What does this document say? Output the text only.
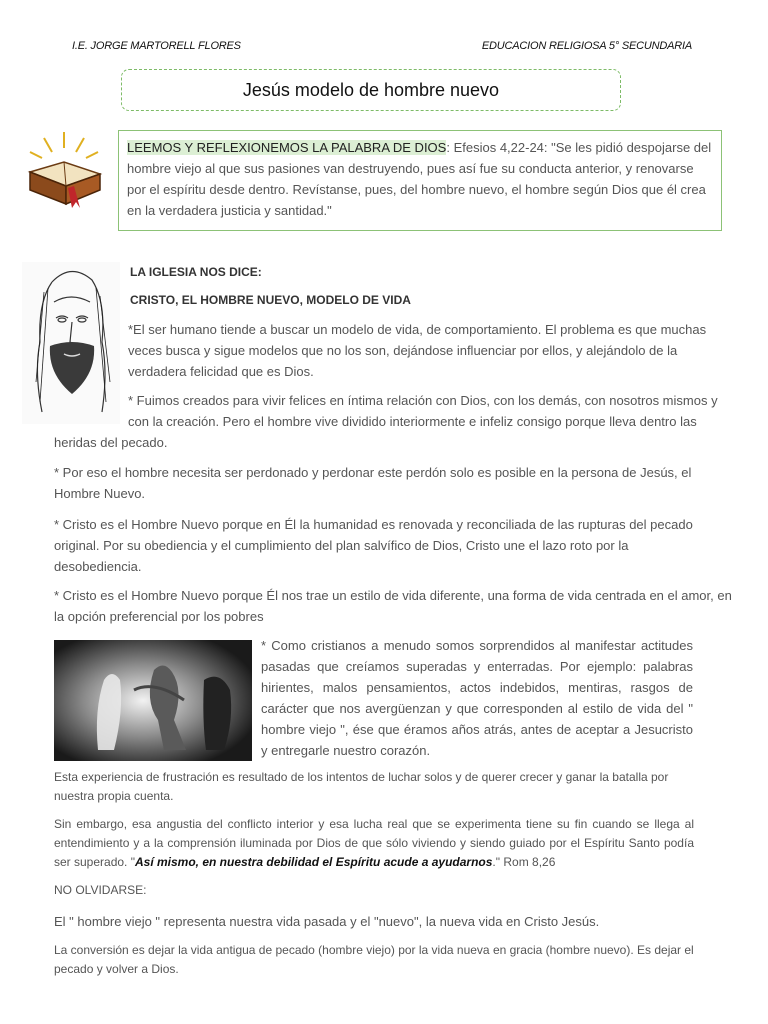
I.E. JORGE MARTORELL FLORES	EDUCACION RELIGIOSA 5° SECUNDARIA
Jesús modelo de hombre nuevo
LEEMOS Y REFLEXIONEMOS LA PALABRA DE DIOS: Efesios 4,22-24: "Se les pidió despojarse del hombre viejo al que sus pasiones van destruyendo, pues así fue su conducta anterior, y renovarse por el espíritu desde dentro. Revístanse, pues, del hombre nuevo, el hombre según Dios que él crea en la verdadera justicia y santidad."

LA IGLESIA NOS DICE:

CRISTO, EL HOMBRE NUEVO, MODELO DE VIDA

*El ser humano tiende a buscar un modelo de vida, de comportamiento. El problema es que muchas veces busca y sigue modelos que no los son, dejándose influenciar por ellos, y alejándolo de la verdadera felicidad que es Dios.

* Fuimos creados para vivir felices en íntima relación con Dios, con los demás, con nosotros mismos y con la creación. Pero el hombre vive dividido interiormente e infeliz consigo porque lleva dentro las

heridas del pecado.

* Por eso el hombre necesita ser perdonado y perdonar este perdón solo es posible en la persona de Jesús, el Hombre Nuevo.

* Cristo es el Hombre Nuevo porque en Él la humanidad es renovada y reconciliada de las rupturas del pecado original. Por su obediencia y el cumplimiento del plan salvífico de Dios, Cristo une el lazo roto por la desobediencia.

* Cristo es el Hombre Nuevo porque Él nos trae un estilo de vida diferente, una forma de vida centrada en el amor, en la opción preferencial por los pobres

* Como cristianos a menudo somos sorprendidos al manifestar actitudes pasadas que creíamos superadas y enterradas. Por ejemplo: palabras hirientes, malos pensamientos, actos indebidos, mentiras, rasgos de carácter que nos avergüenzan y que corresponden al estilo de vida del " hombre viejo ", ése que éramos años atrás, antes de aceptar a Jesucristo y entregarle nuestro corazón.

Esta experiencia de frustración es resultado de los intentos de luchar solos y de querer crecer y ganar la batalla por nuestra propia cuenta.

Sin embargo, esa angustia del conflicto interior y esa lucha real que se experimenta tiene su fin cuando se llega al entendimiento y a la comprensión iluminada por Dios de que sólo viviendo y siendo guiado por el Espíritu Santo podía ser superado. "Así mismo, en nuestra debilidad el Espíritu acude a ayudarnos." Rom 8,26

NO OLVIDARSE:

El " hombre viejo " representa nuestra vida pasada y el "nuevo", la nueva vida en Cristo Jesús.

La conversión es dejar la vida antigua de pecado (hombre viejo) por la vida nueva en gracia (hombre nuevo). Es dejar el pecado y volver a Dios.
